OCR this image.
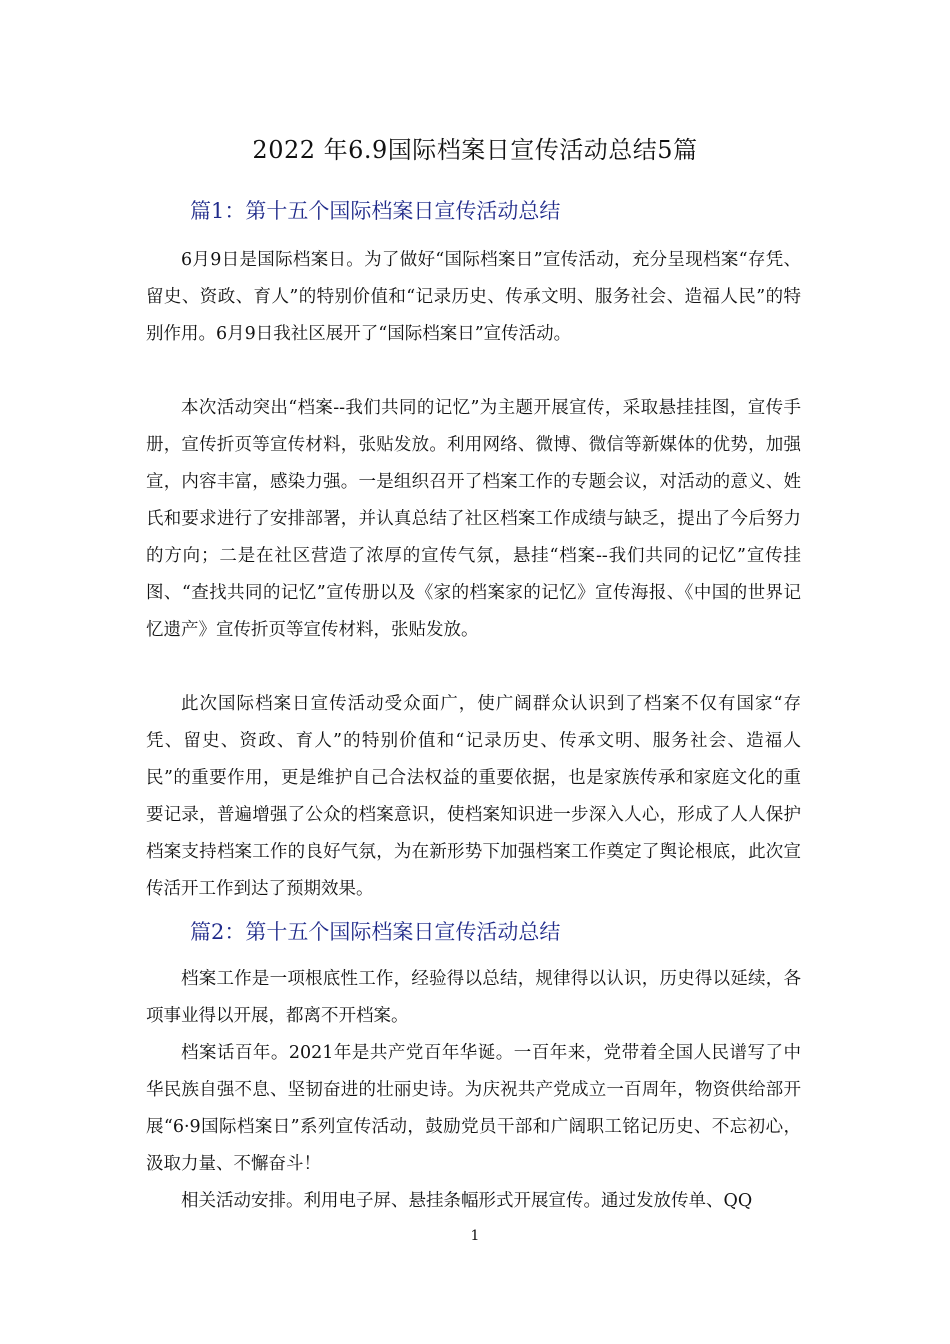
2022 年6.9国际档案日宣传活动总结5篇
篇1：第十五个国际档案日宣传活动总结

6月9日是国际档案日。为了做好“国际档案日”宣传活动，充分呈现档案“存凭、留史、资政、育人”的特别价值和“记录历史、传承文明、服务社会、造福人民”的特别作用。6月9日我社区展开了“国际档案日”宣传活动。

本次活动突出“档案--我们共同的记忆”为主题开展宣传，采取悬挂挂图，宣传手册，宣传折页等宣传材料，张贴发放。利用网络、微博、微信等新媒体的优势，加强宣，内容丰富，感染力强。一是组织召开了档案工作的专题会议，对活动的意义、姓氏和要求进行了安排部署，并认真总结了社区档案工作成绩与缺乏，提出了今后努力的方向；二是在社区营造了浓厚的宣传气氛，悬挂“档案--我们共同的记忆”宣传挂图、“查找共同的记忆”宣传册以及《家的档案家的记忆》宣传海报、《中国的世界记忆遗产》宣传折页等宣传材料，张贴发放。

此次国际档案日宣传活动受众面广，使广阔群众认识到了档案不仅有国家“存凭、留史、资政、育人”的特别价值和“记录历史、传承文明、服务社会、造福人民”的重要作用，更是维护自己合法权益的重要依据，也是家族传承和家庭文化的重要记录，普遍增强了公众的档案意识，使档案知识进一步深入人心，形成了人人保护档案支持档案工作的良好气氛，为在新形势下加强档案工作奠定了舆论根底，此次宣传活开工作到达了预期效果。

篇2：第十五个国际档案日宣传活动总结

档案工作是一项根底性工作，经验得以总结，规律得以认识，历史得以延续，各项事业得以开展，都离不开档案。

档案话百年。2021年是共产党百年华诞。一百年来，党带着全国人民谱写了中华民族自强不息、坚韧奋进的壮丽史诗。为庆祝共产党成立一百周年，物资供给部开展“6·9国际档案日”系列宣传活动，鼓励党员干部和广阔职工铭记历史、不忘初心，汲取力量、不懈奋斗！

相关活动安排。利用电子屏、悬挂条幅形式开展宣传。通过发放传单、QQ

1
